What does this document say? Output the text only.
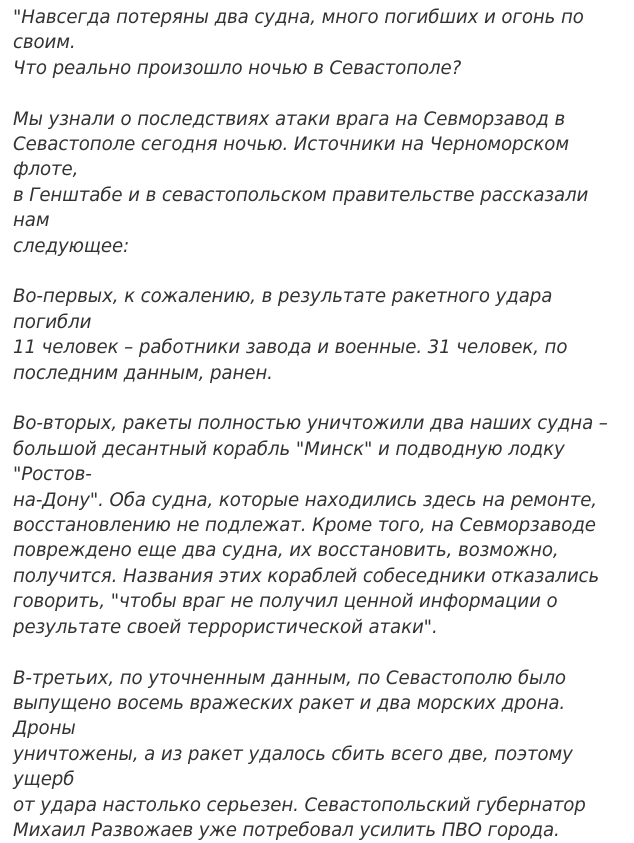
"Навсегда потеряны два судна, много погибших и огонь по своим.
Что реально произошло ночью в Севастополе?

Мы узнали о последствиях атаки врага на Севморзавод в
Севастополе сегодня ночью. Источники на Черноморском флоте,
в Генштабе и в севастопольском правительстве рассказали нам
следующее:

Во-первых, к сожалению, в результате ракетного удара погибли
11 человек – работники завода и военные. 31 человек, по
последним данным, ранен.

Во-вторых, ракеты полностью уничтожили два наших судна –
большой десантный корабль "Минск" и подводную лодку "Ростов-
на-Дону". Оба судна, которые находились здесь на ремонте,
восстановлению не подлежат. Кроме того, на Севморзаводе
повреждено еще два судна, их восстановить, возможно,
получится. Названия этих кораблей собеседники отказались
говорить, "чтобы враг не получил ценной информации о
результате своей террористической атаки".

В-третьих, по уточненным данным, по Севастополю было
выпущено восемь вражеских ракет и два морских дрона. Дроны
уничтожены, а из ракет удалось сбить всего две, поэтому ущерб
от удара настолько серьезен. Севастопольский губернатор
Михаил Развожаев уже потребовал усилить ПВО города.
